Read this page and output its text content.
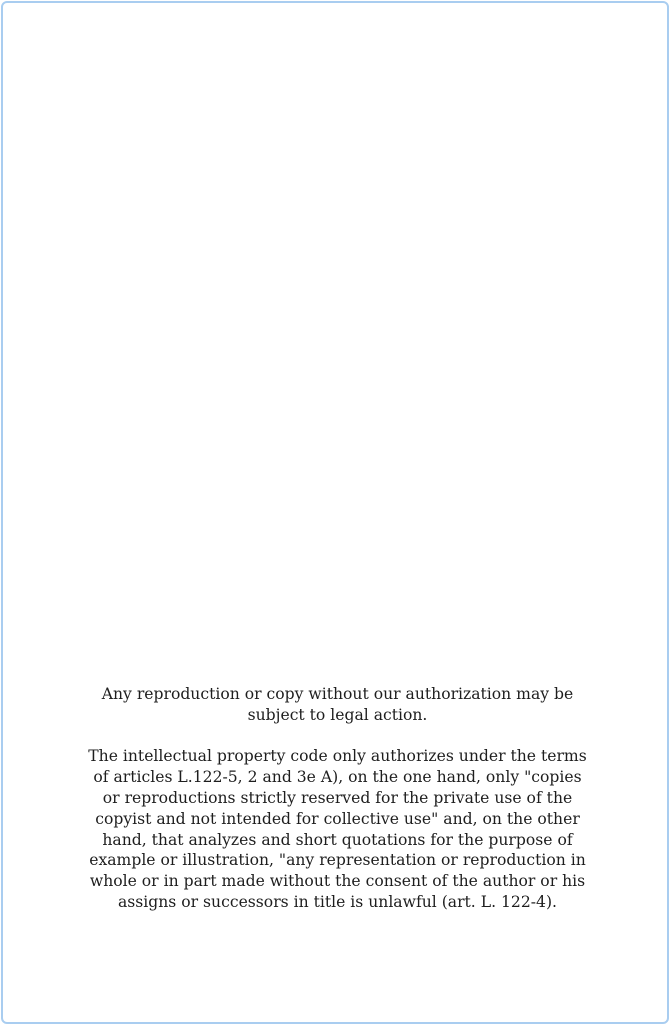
Any reproduction or copy without our authorization may be subject to legal action.

The intellectual property code only authorizes under the terms of articles L.122-5, 2 and 3e A), on the one hand, only "copies or reproductions strictly reserved for the private use of the copyist and not intended for collective use" and, on the other hand, that analyzes and short quotations for the purpose of example or illustration, "any representation or reproduction in whole or in part made without the consent of the author or his assigns or successors in title is unlawful (art. L. 122-4).
